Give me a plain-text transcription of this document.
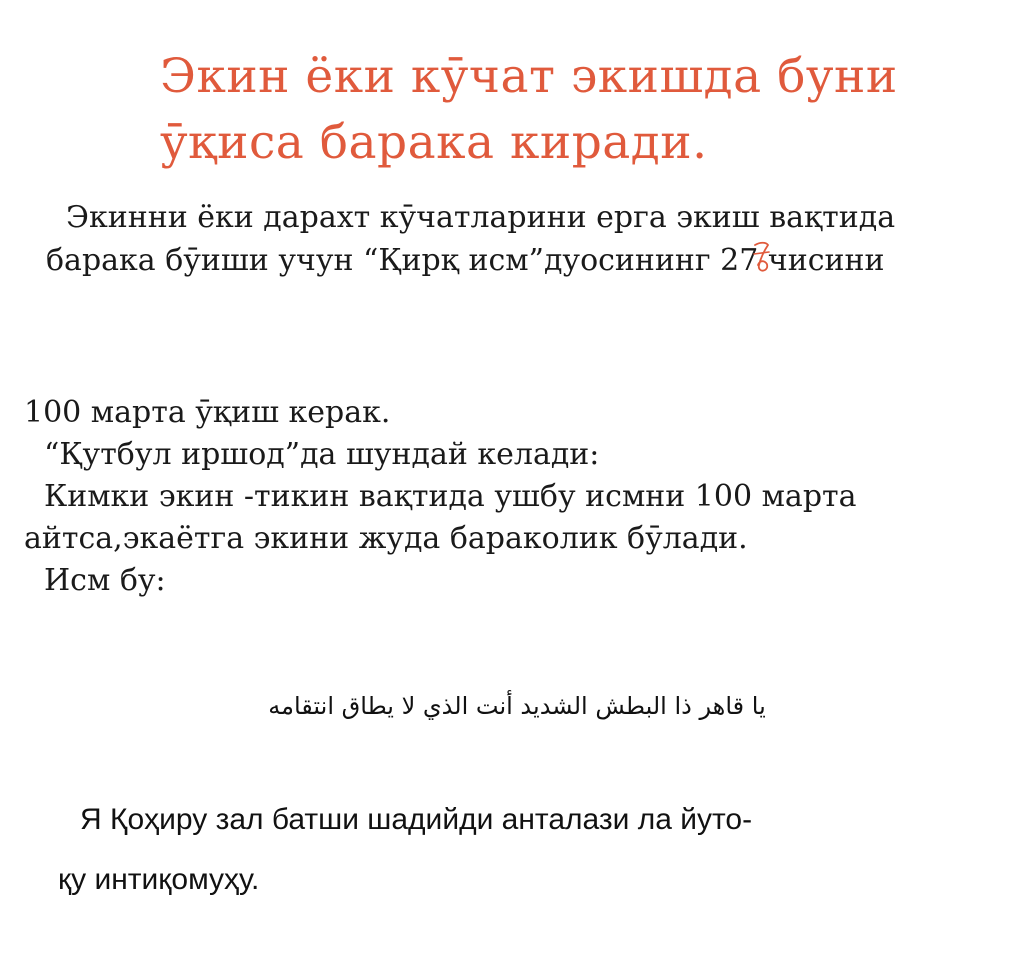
Экин ёки кӯчат экишда буни
ӯқиса барака киради.
Экинни ёки дарахт кӯчатларини ерга экиш вақтида
барака бӯиши учун “Қирқ исм”дуосининг 27 чисини
100 марта ӯқиш керак.
“Қутбул иршод”да шундай келади:
Кимки экин -тикин вақтида ушбу исмни 100 марта
айтса,экаётга экини жуда бараколик бӯлади.
Исм бу:
يا قاهر ذا البطش الشديد أنت الذي لا يطاق انتقامه
Я Қоҳиру зал батши шадийди анталази ла йуто-
қу интиқомуҳу.
